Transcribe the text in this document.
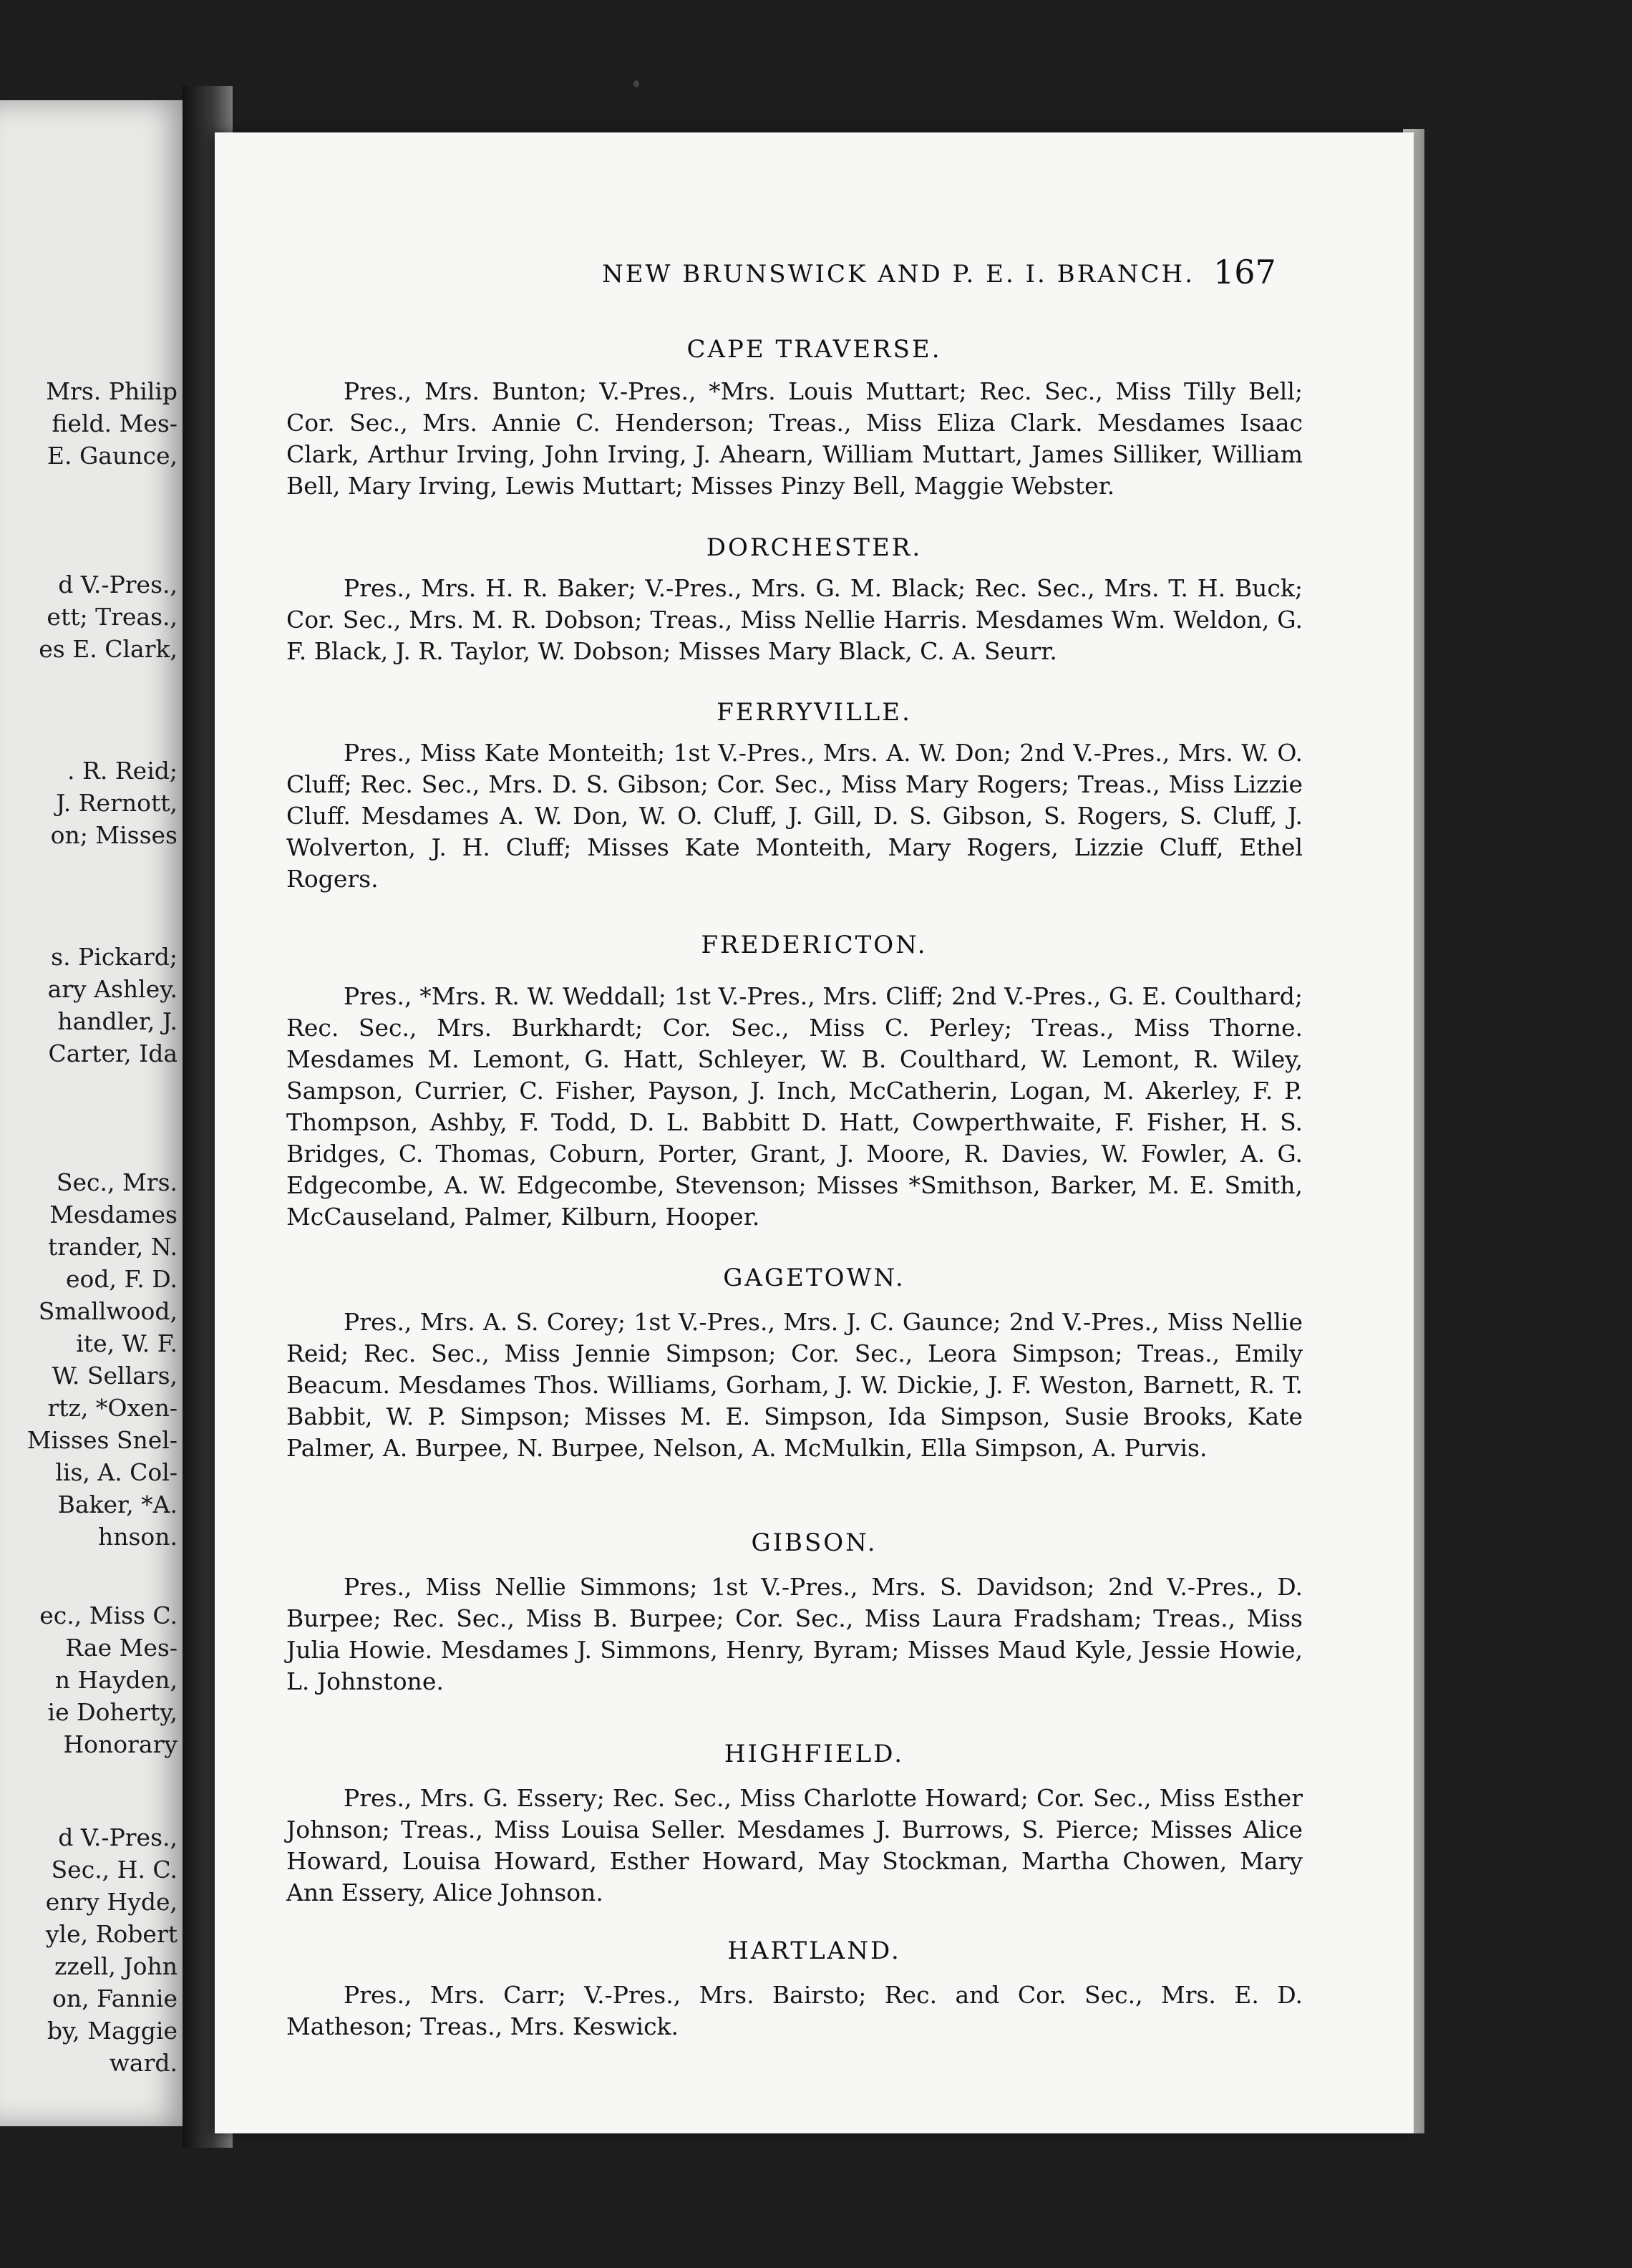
Mrs. Philip
field. Mes-
E. Gaunce,
d V.-Pres.,
ett; Treas.,
es E. Clark,
. R. Reid;
J. Rernott,
on; Misses
s. Pickard;
ary Ashley.
handler, J.
Carter, Ida
Sec., Mrs.
Mesdames
trander, N.
eod, F. D.
Smallwood,
ite, W. F.
W. Sellars,
rtz, *Oxen-
Misses Snel-
lis, A. Col-
Baker, *A.
hnson.
ec., Miss C.
Rae Mes-
n Hayden,
ie Doherty,
Honorary
d V.-Pres.,
Sec., H. C.
enry Hyde,
yle, Robert
zzell, John
on, Fannie
by, Maggie
ward.
NEW BRUNSWICK AND P. E. I. BRANCH. 167
CAPE TRAVERSE.
Pres., Mrs. Bunton; V.-Pres., *Mrs. Louis Muttart; Rec. Sec., Miss Tilly Bell; Cor. Sec., Mrs. Annie C. Henderson; Treas., Miss Eliza Clark. Mesdames Isaac Clark, Arthur Irving, John Irving, J. Ahearn, William Muttart, James Silliker, William Bell, Mary Irving, Lewis Muttart; Misses Pinzy Bell, Maggie Webster.
DORCHESTER.
Pres., Mrs. H. R. Baker; V.-Pres., Mrs. G. M. Black; Rec. Sec., Mrs. T. H. Buck; Cor. Sec., Mrs. M. R. Dobson; Treas., Miss Nellie Harris. Mesdames Wm. Weldon, G. F. Black, J. R. Taylor, W. Dobson; Misses Mary Black, C. A. Seurr.
FERRYVILLE.
Pres., Miss Kate Monteith; 1st V.-Pres., Mrs. A. W. Don; 2nd V.-Pres., Mrs. W. O. Cluff; Rec. Sec., Mrs. D. S. Gibson; Cor. Sec., Miss Mary Rogers; Treas., Miss Lizzie Cluff. Mesdames A. W. Don, W. O. Cluff, J. Gill, D. S. Gibson, S. Rogers, S. Cluff, J. Wolverton, J. H. Cluff; Misses Kate Monteith, Mary Rogers, Lizzie Cluff, Ethel Rogers.
FREDERICTON.
Pres., *Mrs. R. W. Weddall; 1st V.-Pres., Mrs. Cliff; 2nd V.-Pres., G. E. Coulthard; Rec. Sec., Mrs. Burkhardt; Cor. Sec., Miss C. Perley; Treas., Miss Thorne. Mesdames M. Lemont, G. Hatt, Schleyer, W. B. Coulthard, W. Lemont, R. Wiley, Sampson, Currier, C. Fisher, Payson, J. Inch, McCatherin, Logan, M. Akerley, F. P. Thompson, Ashby, F. Todd, D. L. Babbitt D. Hatt, Cowperthwaite, F. Fisher, H. S. Bridges, C. Thomas, Coburn, Porter, Grant, J. Moore, R. Davies, W. Fowler, A. G. Edgecombe, A. W. Edgecombe, Stevenson; Misses *Smithson, Barker, M. E. Smith, McCauseland, Palmer, Kilburn, Hooper.
GAGETOWN.
Pres., Mrs. A. S. Corey; 1st V.-Pres., Mrs. J. C. Gaunce; 2nd V.-Pres., Miss Nellie Reid; Rec. Sec., Miss Jennie Simpson; Cor. Sec., Leora Simpson; Treas., Emily Beacum. Mesdames Thos. Williams, Gorham, J. W. Dickie, J. F. Weston, Barnett, R. T. Babbit, W. P. Simpson; Misses M. E. Simpson, Ida Simpson, Susie Brooks, Kate Palmer, A. Burpee, N. Burpee, Nelson, A. McMulkin, Ella Simpson, A. Purvis.
GIBSON.
Pres., Miss Nellie Simmons; 1st V.-Pres., Mrs. S. Davidson; 2nd V.-Pres., D. Burpee; Rec. Sec., Miss B. Burpee; Cor. Sec., Miss Laura Fradsham; Treas., Miss Julia Howie. Mesdames J. Simmons, Henry, Byram; Misses Maud Kyle, Jessie Howie, L. Johnstone.
HIGHFIELD.
Pres., Mrs. G. Essery; Rec. Sec., Miss Charlotte Howard; Cor. Sec., Miss Esther Johnson; Treas., Miss Louisa Seller. Mesdames J. Burrows, S. Pierce; Misses Alice Howard, Louisa Howard, Esther Howard, May Stockman, Martha Chowen, Mary Ann Essery, Alice Johnson.
HARTLAND.
Pres., Mrs. Carr; V.-Pres., Mrs. Bairsto; Rec. and Cor. Sec., Mrs. E. D. Matheson; Treas., Mrs. Keswick.
